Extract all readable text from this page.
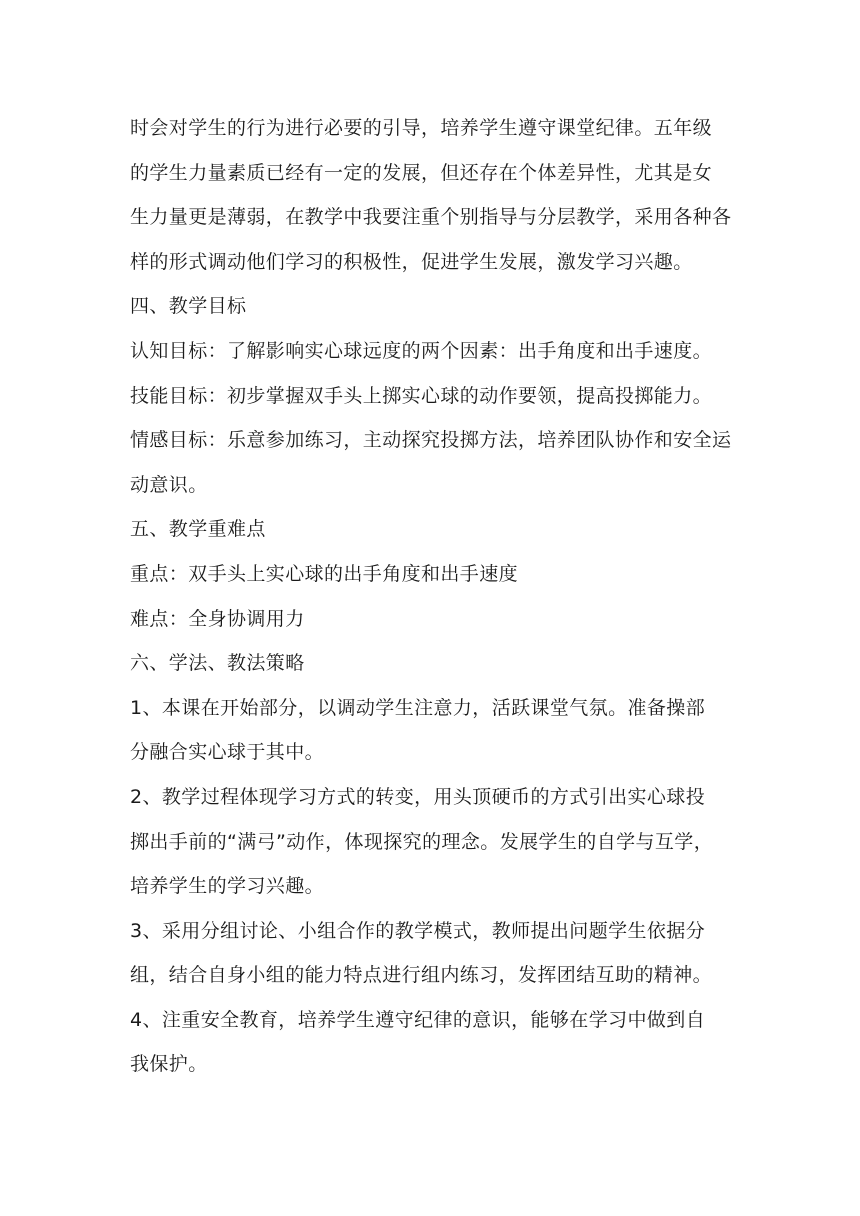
时会对学生的行为进行必要的引导，培养学生遵守课堂纪律。五年级
的学生力量素质已经有一定的发展，但还存在个体差异性，尤其是女
生力量更是薄弱，在教学中我要注重个别指导与分层教学，采用各种各
样的形式调动他们学习的积极性，促进学生发展，激发学习兴趣。

四、教学目标

认知目标：了解影响实心球远度的两个因素：出手角度和出手速度。

技能目标：初步掌握双手头上掷实心球的动作要领，提高投掷能力。

情感目标：乐意参加练习，主动探究投掷方法，培养团队协作和安全运
动意识。

五、教学重难点

重点：双手头上实心球的出手角度和出手速度

难点：全身协调用力

六、学法、教法策略

1、本课在开始部分，以调动学生注意力，活跃课堂气氛。准备操部
分融合实心球于其中。

2、教学过程体现学习方式的转变，用头顶硬币的方式引出实心球投
掷出手前的“满弓”动作，体现探究的理念。发展学生的自学与互学，
培养学生的学习兴趣。

3、采用分组讨论、小组合作的教学模式，教师提出问题学生依据分
组，结合自身小组的能力特点进行组内练习，发挥团结互助的精神。

4、注重安全教育，培养学生遵守纪律的意识，能够在学习中做到自
我保护。
